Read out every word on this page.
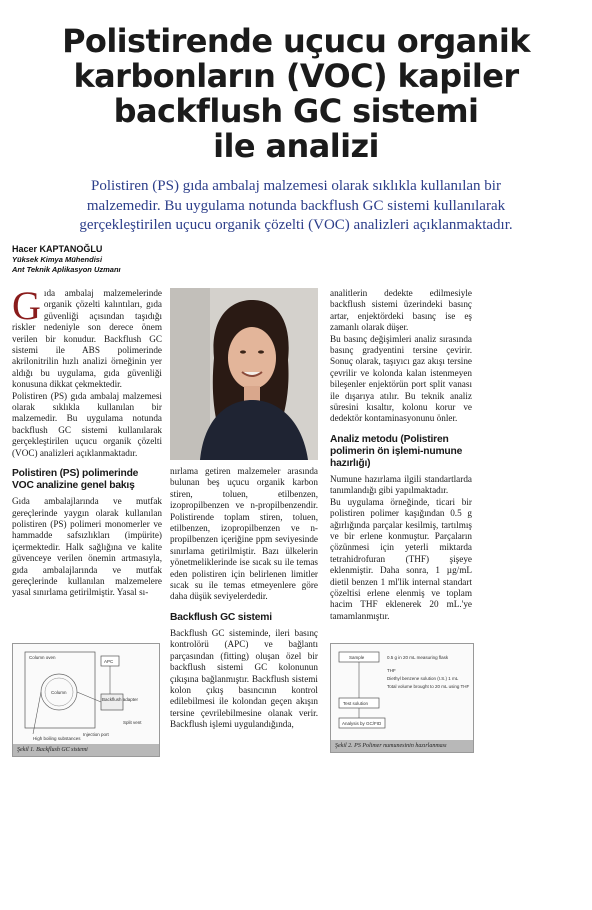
Polistirende uçucu organik
karbonların (VOC) kapiler
backflush GC sistemi
ile analizi

Polistiren (PS) gıda ambalaj malzemesi olarak sıklıkla kullanılan bir
malzemedir. Bu uygulama notunda backflush GC sistemi kullanılarak
gerçekleştirilen uçucu organik çözelti (VOC) analizleri açıklanmaktadır.

Hacer KAPTANOĞLU
Yüksek Kimya Mühendisi
Ant Teknik Aplikasyon Uzmanı

Gıda ambalaj malzemelerinde organik çözelti kalıntıları, gıda güvenliği açısından taşıdığı riskler nedeniyle son derece önem verilen bir konudur. Backflush GC sistemi ile ABS polimerinde akrilonitrilin hızlı analizi örneğinin yer aldığı bu uygulama, gıda güvenliği konusuna dikkat çekmektedir.

Polistiren (PS) gıda ambalaj malzemesi olarak sıklıkla kullanılan bir malzemedir. Bu uygulama notunda backflush GC sistemi kullanılarak gerçekleştirilen uçucu organik çözelti (VOC) analizleri açıklanmaktadır.

Polistiren (PS) polimerinde VOC analizine genel bakış

Gıda ambalajlarında ve mutfak gereçlerinde yaygın olarak kullanılan polistiren (PS) polimeri monomerler ve hammadde safsızlıkları (impürite) içermektedir. Halk sağlığına ve kalite güvenceye verilen önemin artmasıyla, gıda ambalajlarında ve mutfak gereçlerinde kullanılan malzemelere yasal sınırlama getirilmiştir. Yasal sı-

nırlama getiren malzemeler arasında bulunan beş uçucu organik karbon stiren, toluen, etilbenzen, izopropilbenzen ve n-propilbenzendir. Polistirende toplam stiren, toluen, etilbenzen, izopropilbenzen ve n-propilbenzen içeriğine ppm seviyesinde sınırlama getirilmiştir. Bazı ülkelerin yönetmeliklerinde ise sıcak su ile temas eden polistiren için belirlenen limitler sıcak su ile temas etmeyenlere göre daha düşük seviyelerdedir.

Backflush GC sistemi

Backflush GC sisteminde, ileri basınç kontrolörü (APC) ve bağlantı parçasından (fitting) oluşan özel bir backflush sistemi GC kolonunun çıkışına bağlanmıştır. Backflush sistemi kolon çıkış basıncının kontrol edilebilmesi ile kolondan geçen akışın tersine çevrilebilmesine olanak verir. Backflush işlemi uygulandığında,

analitlerin dedekte edilmesiyle backflush sistemi üzerindeki basınç artar, enjektördeki basınç ise eş zamanlı olarak düşer.

Bu basınç değişimleri analiz sırasında basınç gradyentini tersine çevirir. Sonuç olarak, taşıyıcı gaz akışı tersine çevrilir ve kolonda kalan istenmeyen bileşenler enjektörün port split vanası ile dışarıya atılır. Bu teknik analiz süresini kısaltır, kolonu korur ve dedektör kontaminasyonunu önler.

Analiz metodu (Polistiren polimerin ön işlemi-numune hazırlığı)

Numune hazırlama ilgili standartlarda tanımlandığı gibi yapılmaktadır.

Bu uygulama örneğinde, ticari bir polistiren polimer kaşığından 0.5 g ağırlığında parçalar kesilmiş, tartılmış ve bir erlene konmuştur. Parçaların çözünmesi için yeterli miktarda tetrahidrofuran (THF) şişeye eklenmiştir. Daha sonra, 1 µg/mL dietil benzen 1 ml'lik internal standart çözeltisi erlene elenmiş ve toplam hacim THF eklenerek 20 mL.'ye tamamlanmıştır.

Column oven
APC
Column
Backflush adapter
High boiling substances
Injection port
Split vent
Şekil 1. Backflush GC sistemi
Sample	0.5 g in 20 mL measuring flask
THF
Diethyl benzene solution (I.S.) 1 mL
Total volume brought to 20 mL using THF
Test solution
Analysis by GC/FID
Şekil 2. PS Polimer numunesinin hazırlanması
